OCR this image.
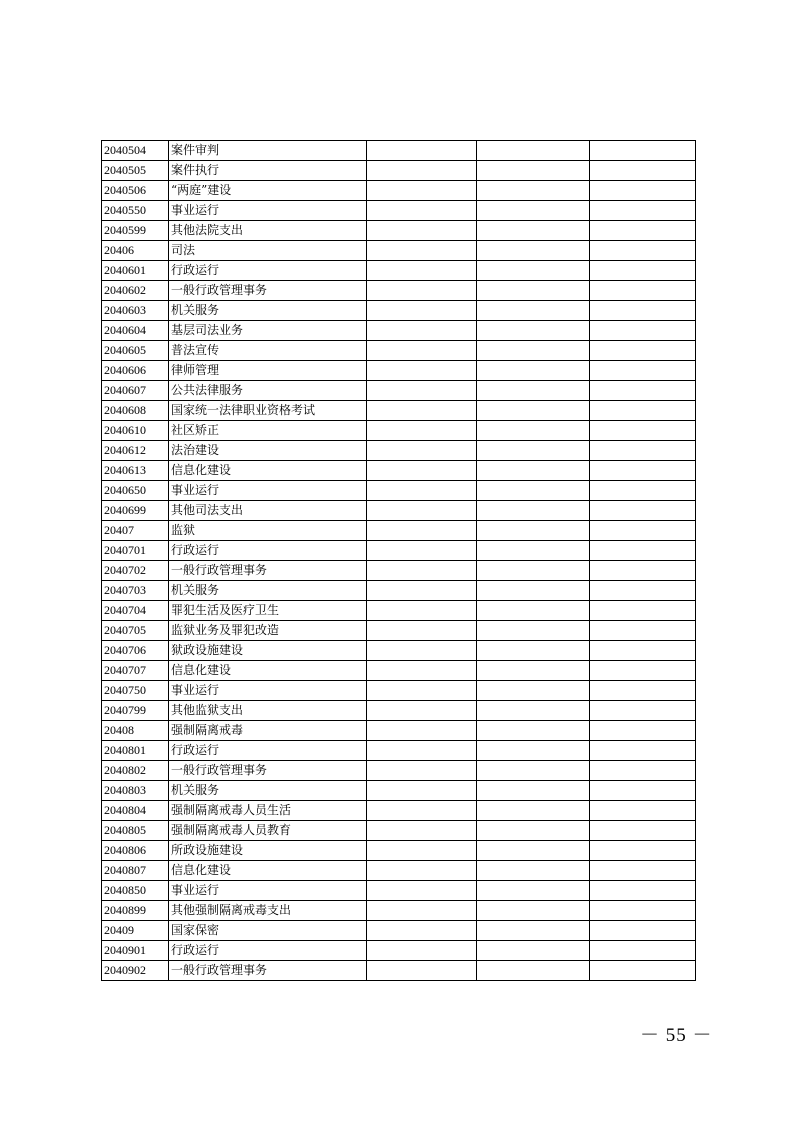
2040504	案件审判			
2040505	案件执行			
2040506	“两庭”建设			
2040550	事业运行			
2040599	其他法院支出			
20406	司法			
2040601	行政运行			
2040602	一般行政管理事务			
2040603	机关服务			
2040604	基层司法业务			
2040605	普法宣传			
2040606	律师管理			
2040607	公共法律服务			
2040608	国家统一法律职业资格考试			
2040610	社区矫正			
2040612	法治建设			
2040613	信息化建设			
2040650	事业运行			
2040699	其他司法支出			
20407	监狱			
2040701	行政运行			
2040702	一般行政管理事务			
2040703	机关服务			
2040704	罪犯生活及医疗卫生			
2040705	监狱业务及罪犯改造			
2040706	狱政设施建设			
2040707	信息化建设			
2040750	事业运行			
2040799	其他监狱支出			
20408	强制隔离戒毒			
2040801	行政运行			
2040802	一般行政管理事务			
2040803	机关服务			
2040804	强制隔离戒毒人员生活			
2040805	强制隔离戒毒人员教育			
2040806	所政设施建设			
2040807	信息化建设			
2040850	事业运行			
2040899	其他强制隔离戒毒支出			
20409	国家保密			
2040901	行政运行			
2040902	一般行政管理事务			
－ 55 －
